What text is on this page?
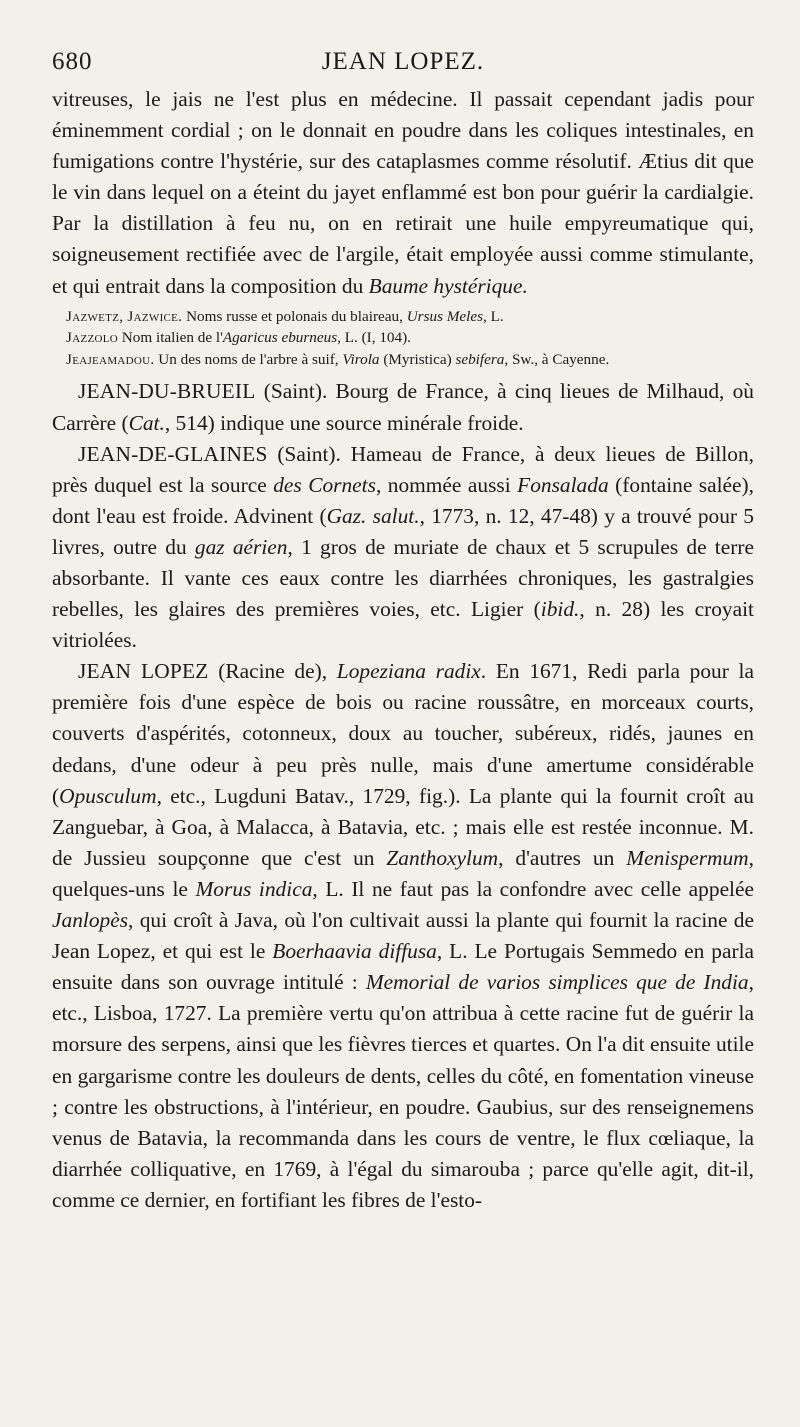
680	JEAN LOPEZ.

vitreuses, le jais ne l'est plus en médecine. Il passait cependant jadis pour éminemment cordial ; on le donnait en poudre dans les coliques intestinales, en fumigations contre l'hystérie, sur des cataplasmes comme résolutif. Ætius dit que le vin dans lequel on a éteint du jayet enflammé est bon pour guérir la cardialgie. Par la distillation à feu nu, on en retirait une huile empyreumatique qui, soigneusement rectifiée avec de l'argile, était employée aussi comme stimulante, et qui entrait dans la composition du Baume hystérique.

Jazwetz, Jazwice. Noms russe et polonais du blaireau, Ursus Meles, L.

Jazzolo Nom italien de l'Agaricus eburneus, L. (I, 104).

Jeajeamadou. Un des noms de l'arbre à suif, Virola (Myristica) sebifera, Sw., à Cayenne.

JEAN-DU-BRUEIL (Saint). Bourg de France, à cinq lieues de Milhaud, où Carrère (Cat., 514) indique une source minérale froide.

JEAN-DE-GLAINES (Saint). Hameau de France, à deux lieues de Billon, près duquel est la source des Cornets, nommée aussi Fonsalada (fontaine salée), dont l'eau est froide. Advinent (Gaz. salut., 1773, n. 12, 47-48) y a trouvé pour 5 livres, outre du gaz aérien, 1 gros de muriate de chaux et 5 scrupules de terre absorbante. Il vante ces eaux contre les diarrhées chroniques, les gastralgies rebelles, les glaires des premières voies, etc. Ligier (ibid., n. 28) les croyait vitriolées.

JEAN LOPEZ (Racine de), Lopeziana radix. En 1671, Redi parla pour la première fois d'une espèce de bois ou racine roussâtre, en morceaux courts, couverts d'aspérités, cotonneux, doux au toucher, subéreux, ridés, jaunes en dedans, d'une odeur à peu près nulle, mais d'une amertume considérable (Opusculum, etc., Lugduni Batav., 1729, fig.). La plante qui la fournit croît au Zanguebar, à Goa, à Malacca, à Batavia, etc. ; mais elle est restée inconnue. M. de Jussieu soupçonne que c'est un Zanthoxylum, d'autres un Menispermum, quelques-uns le Morus indica, L. Il ne faut pas la confondre avec celle appelée Janlopès, qui croît à Java, où l'on cultivait aussi la plante qui fournit la racine de Jean Lopez, et qui est le Boerhaavia diffusa, L. Le Portugais Semmedo en parla ensuite dans son ouvrage intitulé : Memorial de varios simplices que de India, etc., Lisboa, 1727. La première vertu qu'on attribua à cette racine fut de guérir la morsure des serpens, ainsi que les fièvres tierces et quartes. On l'a dit ensuite utile en gargarisme contre les douleurs de dents, celles du côté, en fomentation vineuse ; contre les obstructions, à l'intérieur, en poudre. Gaubius, sur des renseignemens venus de Batavia, la recommanda dans les cours de ventre, le flux cœliaque, la diarrhée colliquative, en 1769, à l'égal du simarouba ; parce qu'elle agit, dit-il, comme ce dernier, en fortifiant les fibres de l'esto-
